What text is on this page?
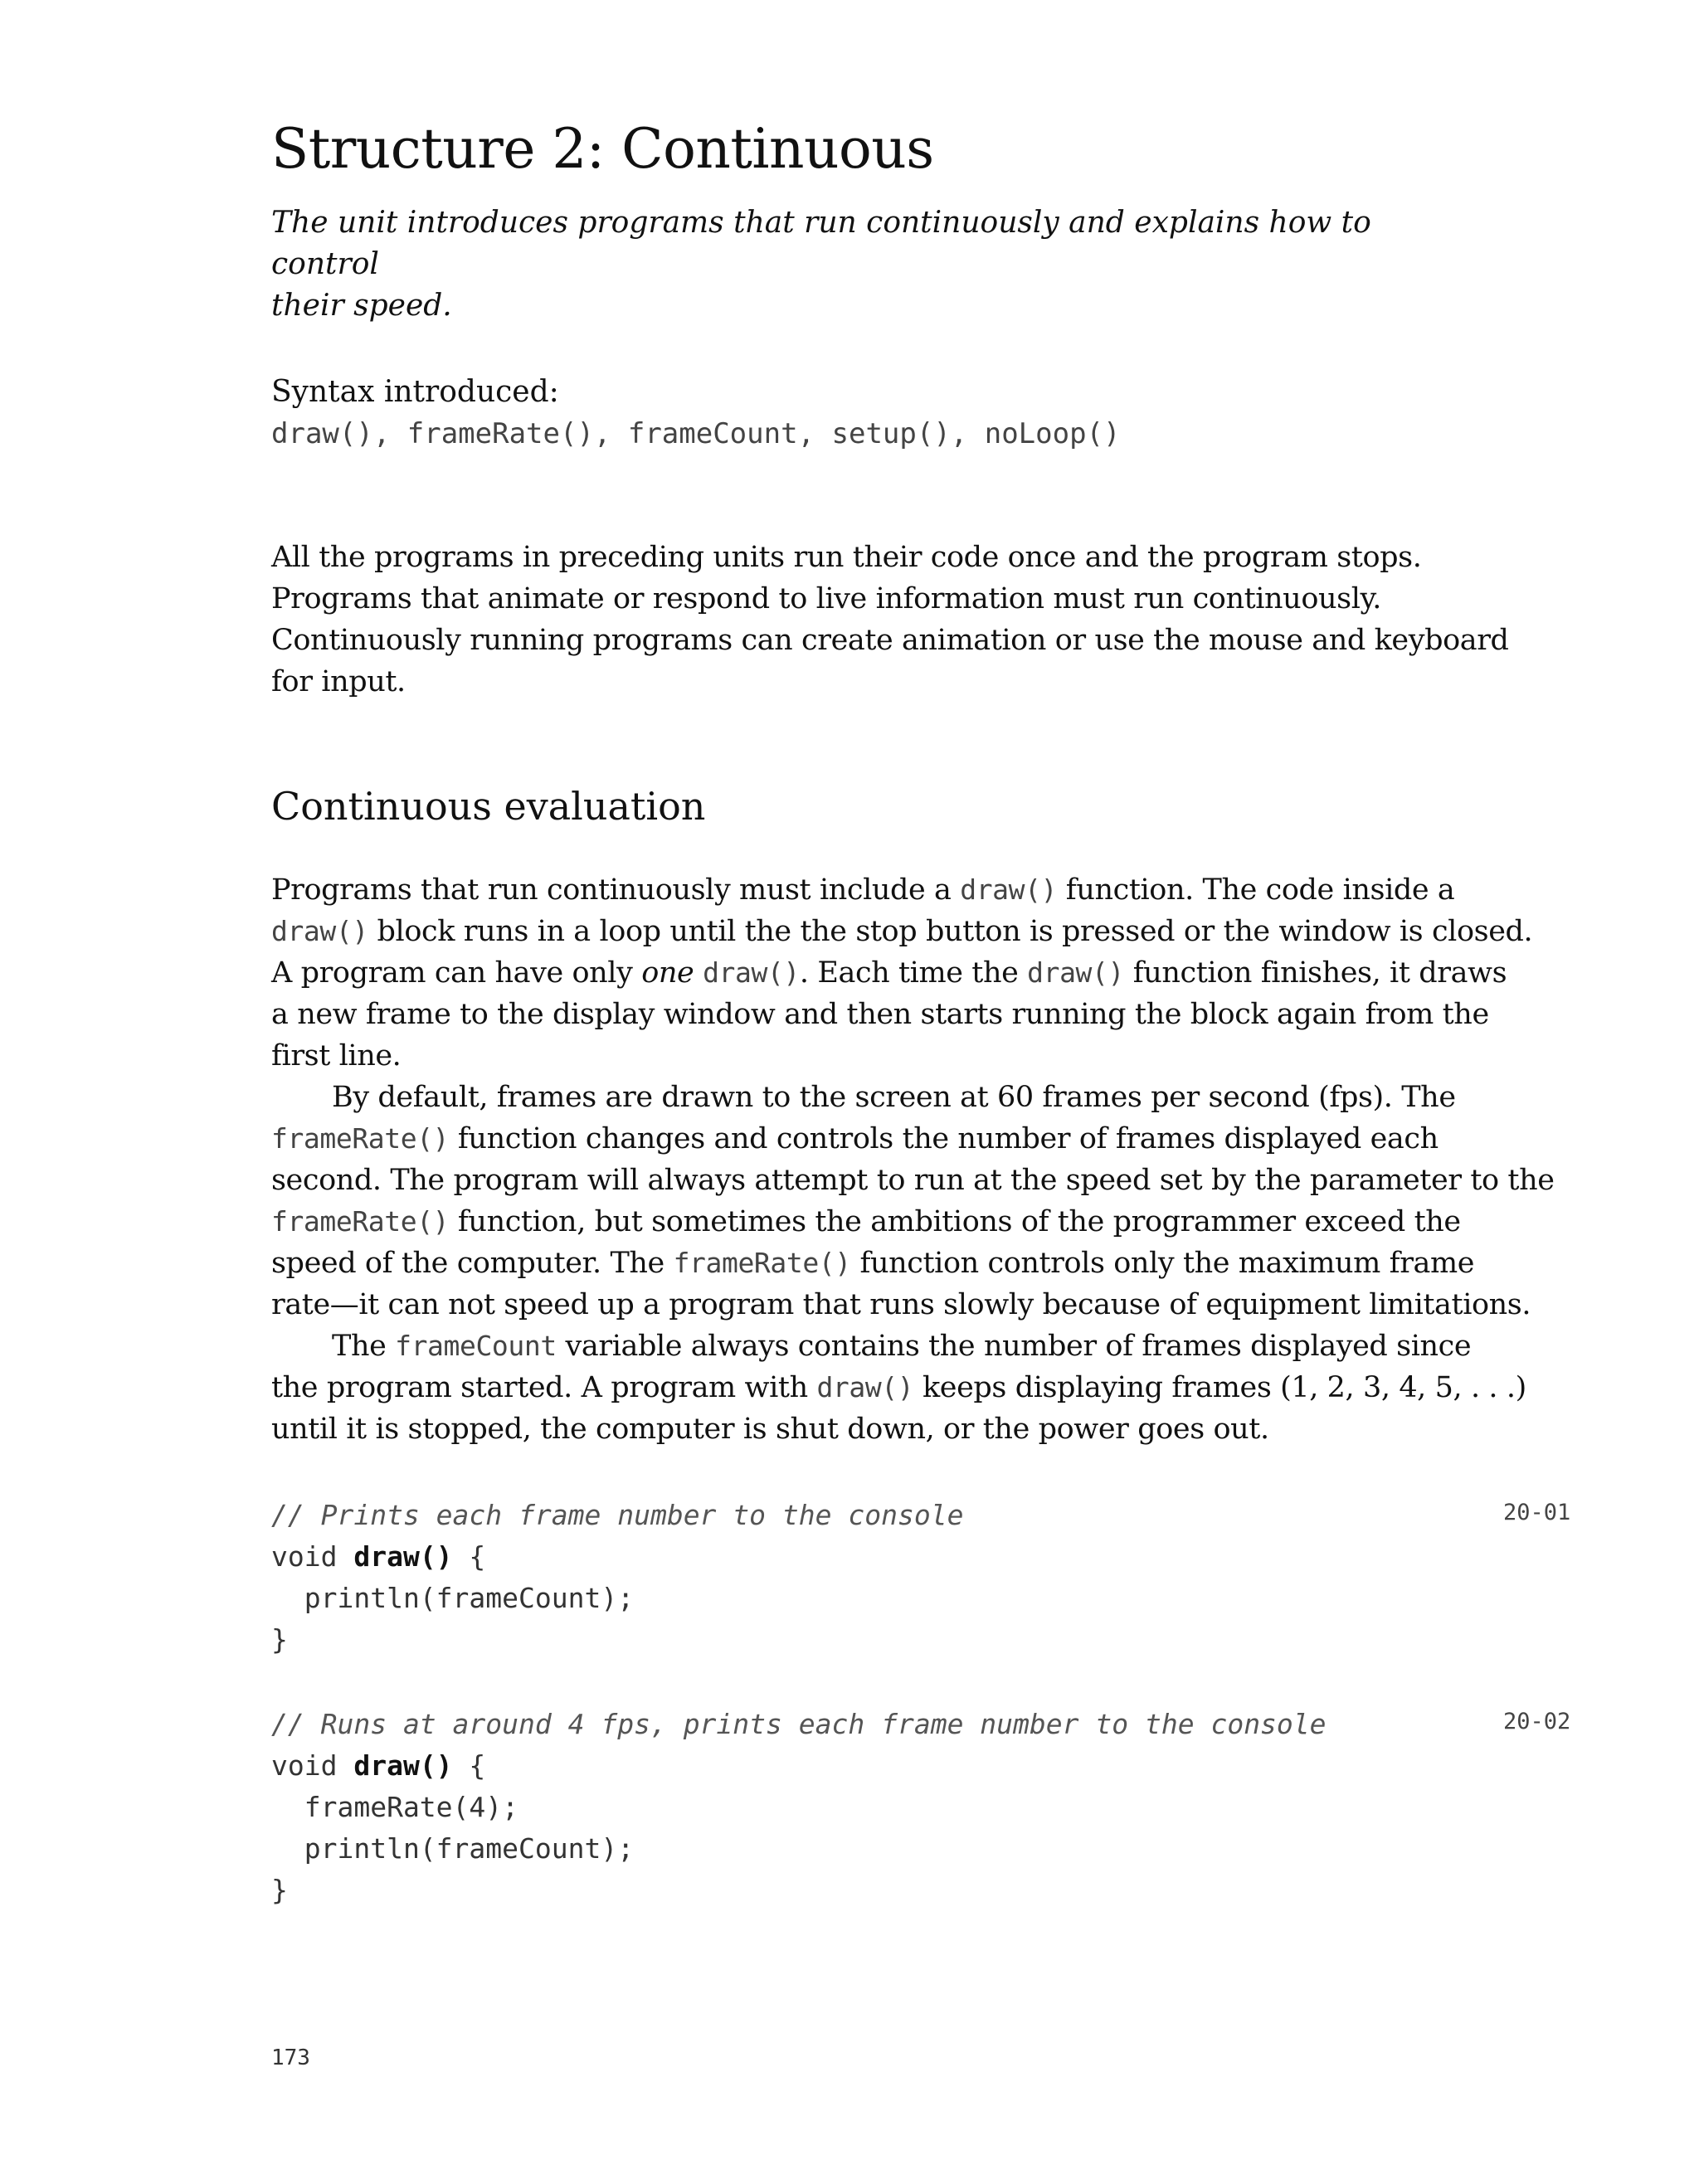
Structure 2: Continuous
The unit introduces programs that run continuously and explains how to control
their speed.
Syntax introduced:
draw(), frameRate(), frameCount, setup(), noLoop()
All the programs in preceding units run their code once and the program stops.
Programs that animate or respond to live information must run continuously.
Continuously running programs can create animation or use the mouse and keyboard
for input.
Continuous evaluation
Programs that run continuously must include a draw() function. The code inside a
draw() block runs in a loop until the the stop button is pressed or the window is closed.
A program can have only one draw(). Each time the draw() function finishes, it draws
a new frame to the display window and then starts running the block again from the
first line.
By default, frames are drawn to the screen at 60 frames per second (fps). The
frameRate() function changes and controls the number of frames displayed each
second. The program will always attempt to run at the speed set by the parameter to the
frameRate() function, but sometimes the ambitions of the programmer exceed the
speed of the computer. The frameRate() function controls only the maximum frame
rate—it can not speed up a program that runs slowly because of equipment limitations.
The frameCount variable always contains the number of frames displayed since
the program started. A program with draw() keeps displaying frames (1, 2, 3, 4, 5, . . .)
until it is stopped, the computer is shut down, or the power goes out.
// Prints each frame number to the console	20-01
void draw() {
println(frameCount);
}
// Runs at around 4 fps, prints each frame number to the console	20-02
void draw() {
frameRate(4);
println(frameCount);
}
173
